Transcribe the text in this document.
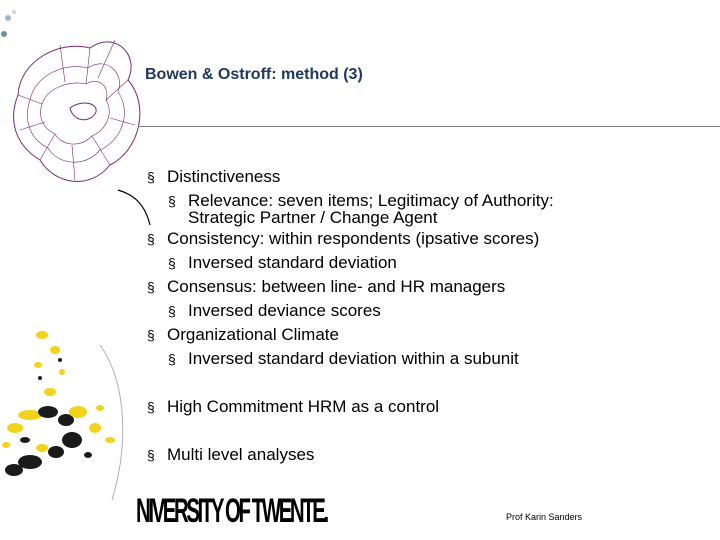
Bowen & Ostroff: method (3)
§ Distinctiveness
§ Relevance: seven items; Legitimacy of Authority:
Strategic Partner / Change Agent
§ Consistency: within respondents (ipsative scores)
§ Inversed standard deviation
§ Consensus: between line- and HR managers
§ Inversed deviance scores
§ Organizational Climate
§ Inversed standard deviation within a subunit
§ High Commitment HRM as a control
§ Multi level analyses
NIVERSITY OF TWENTE.	Prof Karin Sanders
